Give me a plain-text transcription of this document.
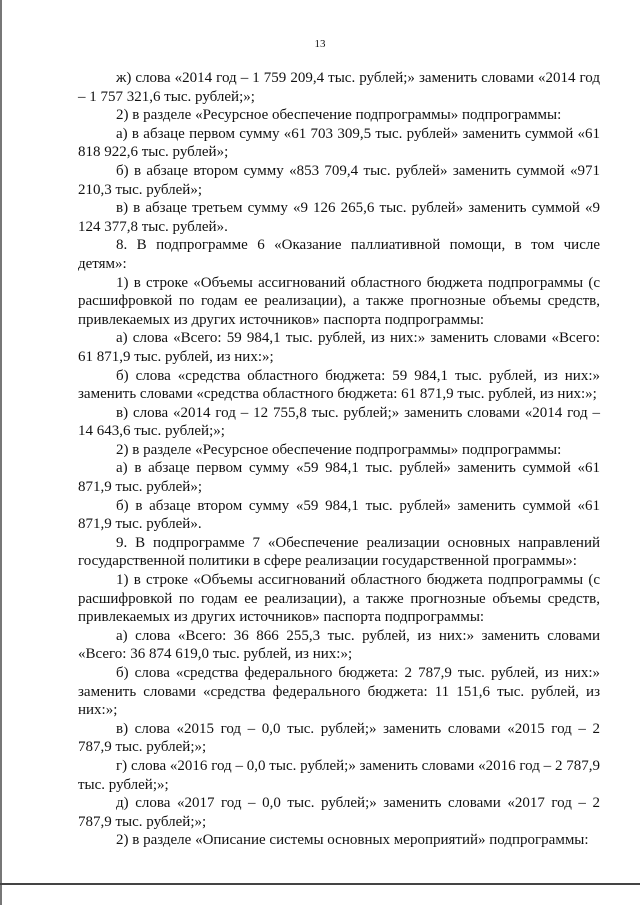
13

ж) слова «2014 год – 1 759 209,4 тыс. рублей;» заменить словами «2014 год – 1 757 321,6 тыс. рублей;»;

2) в разделе «Ресурсное обеспечение подпрограммы» подпрограммы:

а) в абзаце первом сумму «61 703 309,5 тыс. рублей» заменить суммой «61 818 922,6 тыс. рублей»;

б) в абзаце втором сумму «853 709,4 тыс. рублей» заменить суммой «971 210,3 тыс. рублей»;

в) в абзаце третьем сумму «9 126 265,6 тыс. рублей» заменить суммой «9 124 377,8 тыс. рублей».

8. В подпрограмме 6 «Оказание паллиативной помощи, в том числе детям»:

1) в строке «Объемы ассигнований областного бюджета подпрограммы (с расшифровкой по годам ее реализации), а также прогнозные объемы средств, привлекаемых из других источников» паспорта подпрограммы:

а) слова «Всего: 59 984,1 тыс. рублей, из них:» заменить словами «Всего: 61 871,9 тыс. рублей, из них:»;

б) слова «средства областного бюджета: 59 984,1 тыс. рублей, из них:» заменить словами «средства областного бюджета: 61 871,9 тыс. рублей, из них:»;

в) слова «2014 год – 12 755,8 тыс. рублей;» заменить словами «2014 год – 14 643,6 тыс. рублей;»;

2) в разделе «Ресурсное обеспечение подпрограммы» подпрограммы:

а) в абзаце первом сумму «59 984,1 тыс. рублей» заменить суммой «61 871,9 тыс. рублей»;

б) в абзаце втором сумму «59 984,1 тыс. рублей» заменить суммой «61 871,9 тыс. рублей».

9. В подпрограмме 7 «Обеспечение реализации основных направлений государственной политики в сфере реализации государственной программы»:

1) в строке «Объемы ассигнований областного бюджета подпрограммы (с расшифровкой по годам ее реализации), а также прогнозные объемы средств, привлекаемых из других источников» паспорта подпрограммы:

а) слова «Всего: 36 866 255,3 тыс. рублей, из них:» заменить словами «Всего: 36 874 619,0 тыс. рублей, из них:»;

б) слова «средства федерального бюджета: 2 787,9 тыс. рублей, из них:» заменить словами «средства федерального бюджета: 11 151,6 тыс. рублей, из них:»;

в) слова «2015 год – 0,0 тыс. рублей;» заменить словами «2015 год – 2 787,9 тыс. рублей;»;

г) слова «2016 год – 0,0 тыс. рублей;» заменить словами «2016 год – 2 787,9 тыс. рублей;»;

д) слова «2017 год – 0,0 тыс. рублей;» заменить словами «2017 год – 2 787,9 тыс. рублей;»;

2) в разделе «Описание системы основных мероприятий» подпрограммы:
